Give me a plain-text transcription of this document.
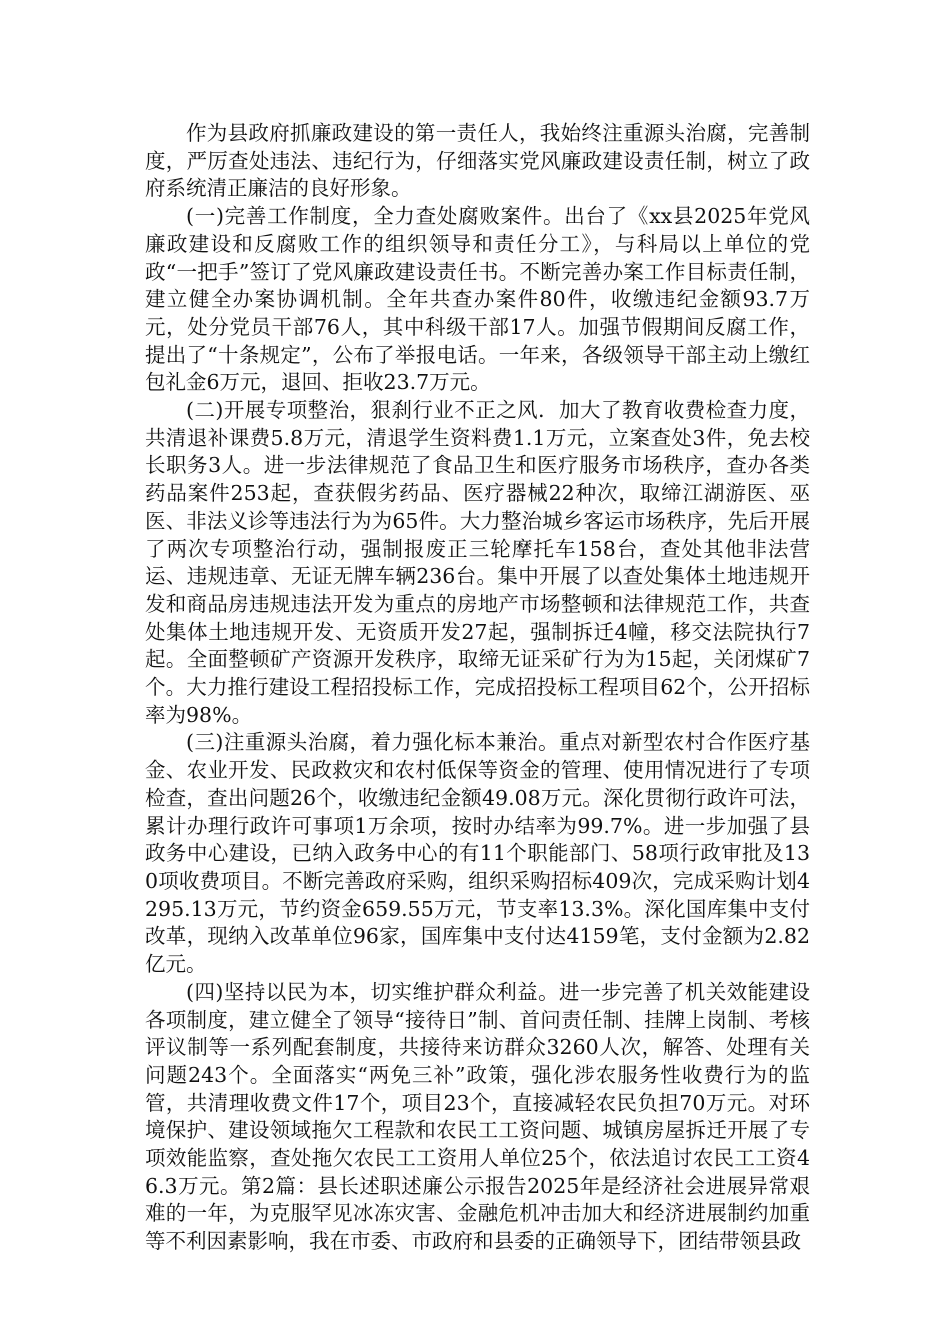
作为县政府抓廉政建设的第一责任人，我始终注重源头治腐，完善制度，严厉查处违法、违纪行为，仔细落实党风廉政建设责任制，树立了政府系统清正廉洁的良好形象。

(一)完善工作制度，全力查处腐败案件。出台了《xx县2025年党风廉政建设和反腐败工作的组织领导和责任分工》，与科局以上单位的党政“一把手”签订了党风廉政建设责任书。不断完善办案工作目标责任制，建立健全办案协调机制。全年共查办案件80件，收缴违纪金额93.7万元，处分党员干部76人，其中科级干部17人。加强节假期间反腐工作，提出了“十条规定”，公布了举报电话。一年来，各级领导干部主动上缴红包礼金6万元，退回、拒收23.7万元。

(二)开展专项整治，狠刹行业不正之风．加大了教育收费检查力度，共清退补课费5.8万元，清退学生资料费1.1万元，立案查处3件，免去校长职务3人。进一步法律规范了食品卫生和医疗服务市场秩序，查办各类药品案件253起，查获假劣药品、医疗器械22种次，取缔江湖游医、巫医、非法义诊等违法行为为65件。大力整治城乡客运市场秩序，先后开展了两次专项整治行动，强制报废正三轮摩托车158台，查处其他非法营运、违规违章、无证无牌车辆236台。集中开展了以查处集体土地违规开发和商品房违规违法开发为重点的房地产市场整顿和法律规范工作，共查处集体土地违规开发、无资质开发27起，强制拆迁4幢，移交法院执行7起。全面整顿矿产资源开发秩序，取缔无证采矿行为为15起，关闭煤矿7个。大力推行建设工程招投标工作，完成招投标工程项目62个，公开招标率为98%。

(三)注重源头治腐，着力强化标本兼治。重点对新型农村合作医疗基金、农业开发、民政救灾和农村低保等资金的管理、使用情况进行了专项检查，查出问题26个，收缴违纪金额49.08万元。深化贯彻行政许可法，累计办理行政许可事项1万余项，按时办结率为99.7%。进一步加强了县政务中心建设，已纳入政务中心的有11个职能部门、58项行政审批及130项收费项目。不断完善政府采购，组织采购招标409次，完成采购计划4295.13万元，节约资金659.55万元，节支率13.3%。深化国库集中支付改革，现纳入改革单位96家，国库集中支付达4159笔，支付金额为2.82亿元。

(四)坚持以民为本，切实维护群众利益。进一步完善了机关效能建设各项制度，建立健全了领导“接待日”制、首问责任制、挂牌上岗制、考核评议制等一系列配套制度，共接待来访群众3260人次，解答、处理有关问题243个。全面落实“两免三补”政策，强化涉农服务性收费行为的监管，共清理收费文件17个，项目23个，直接减轻农民负担70万元。对环境保护、建设领域拖欠工程款和农民工工资问题、城镇房屋拆迁开展了专项效能监察，查处拖欠农民工工资用人单位25个，依法追讨农民工工资46.3万元。第2篇：县长述职述廉公示报告2025年是经济社会进展异常艰难的一年，为克服罕见冰冻灾害、金融危机冲击加大和经济进展制约加重等不利因素影响，我在市委、市政府和县委的正确领导下，团结带领县政
